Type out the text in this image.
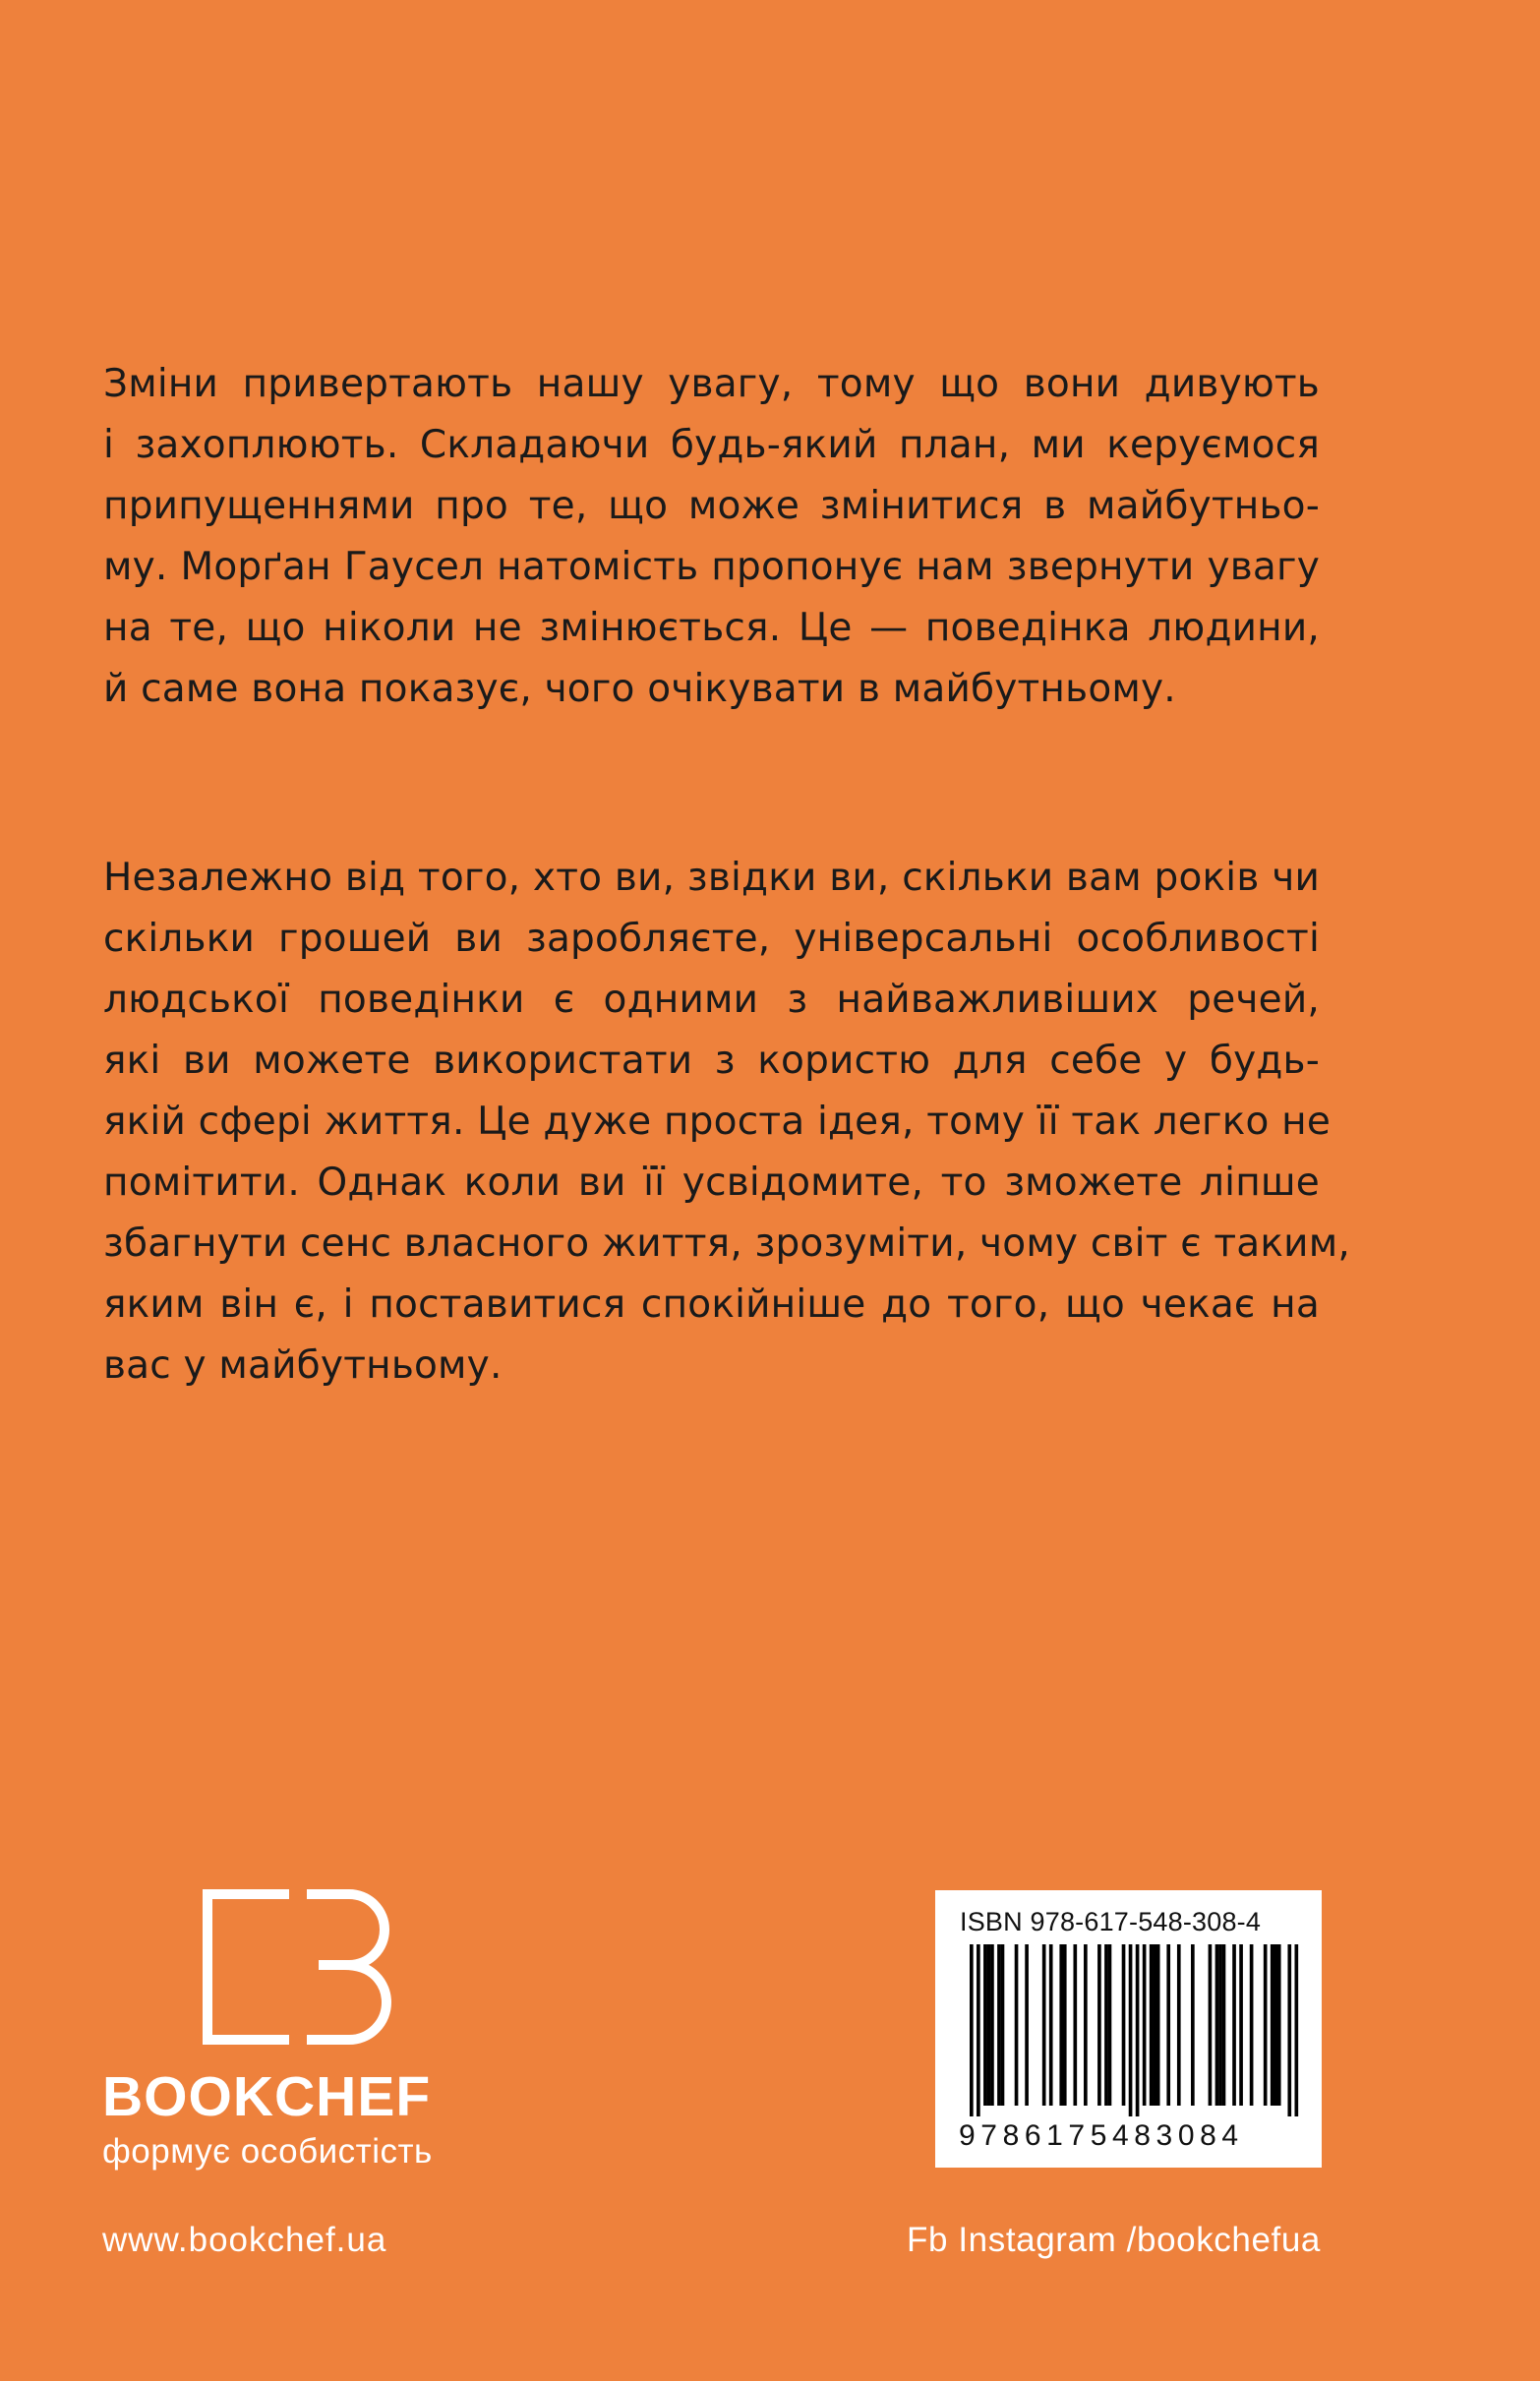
Зміни привертають нашу увагу, тому що вони дивують
і захоплюють. Складаючи будь-який план, ми керуємося
припущеннями про те, що може змінитися в майбутньо-
му. Морґан Гаусел натомість пропонує нам звернути увагу
на те, що ніколи не змінюється. Це — поведінка людини,
й саме вона показує, чого очікувати в майбутньому.
Незалежно від того, хто ви, звідки ви, скільки вам років чи
скільки грошей ви заробляєте, універсальні особливості
людської поведінки є одними з найважливіших речей,
які ви можете використати з користю для себе у будь-
якій сфері життя. Це дуже проста ідея, тому її так легко не
помітити. Однак коли ви її усвідомите, то зможете ліпше
збагнути сенс власного життя, зрозуміти, чому світ є таким,
яким він є, і поставитися спокійніше до того, що чекає на
вас у майбутньому.
BOOKCHEF
формує особистість
www.bookchef.ua	Fb Instagram /bookchefua
ISBN 978-617-548-308-4
9786175483084
